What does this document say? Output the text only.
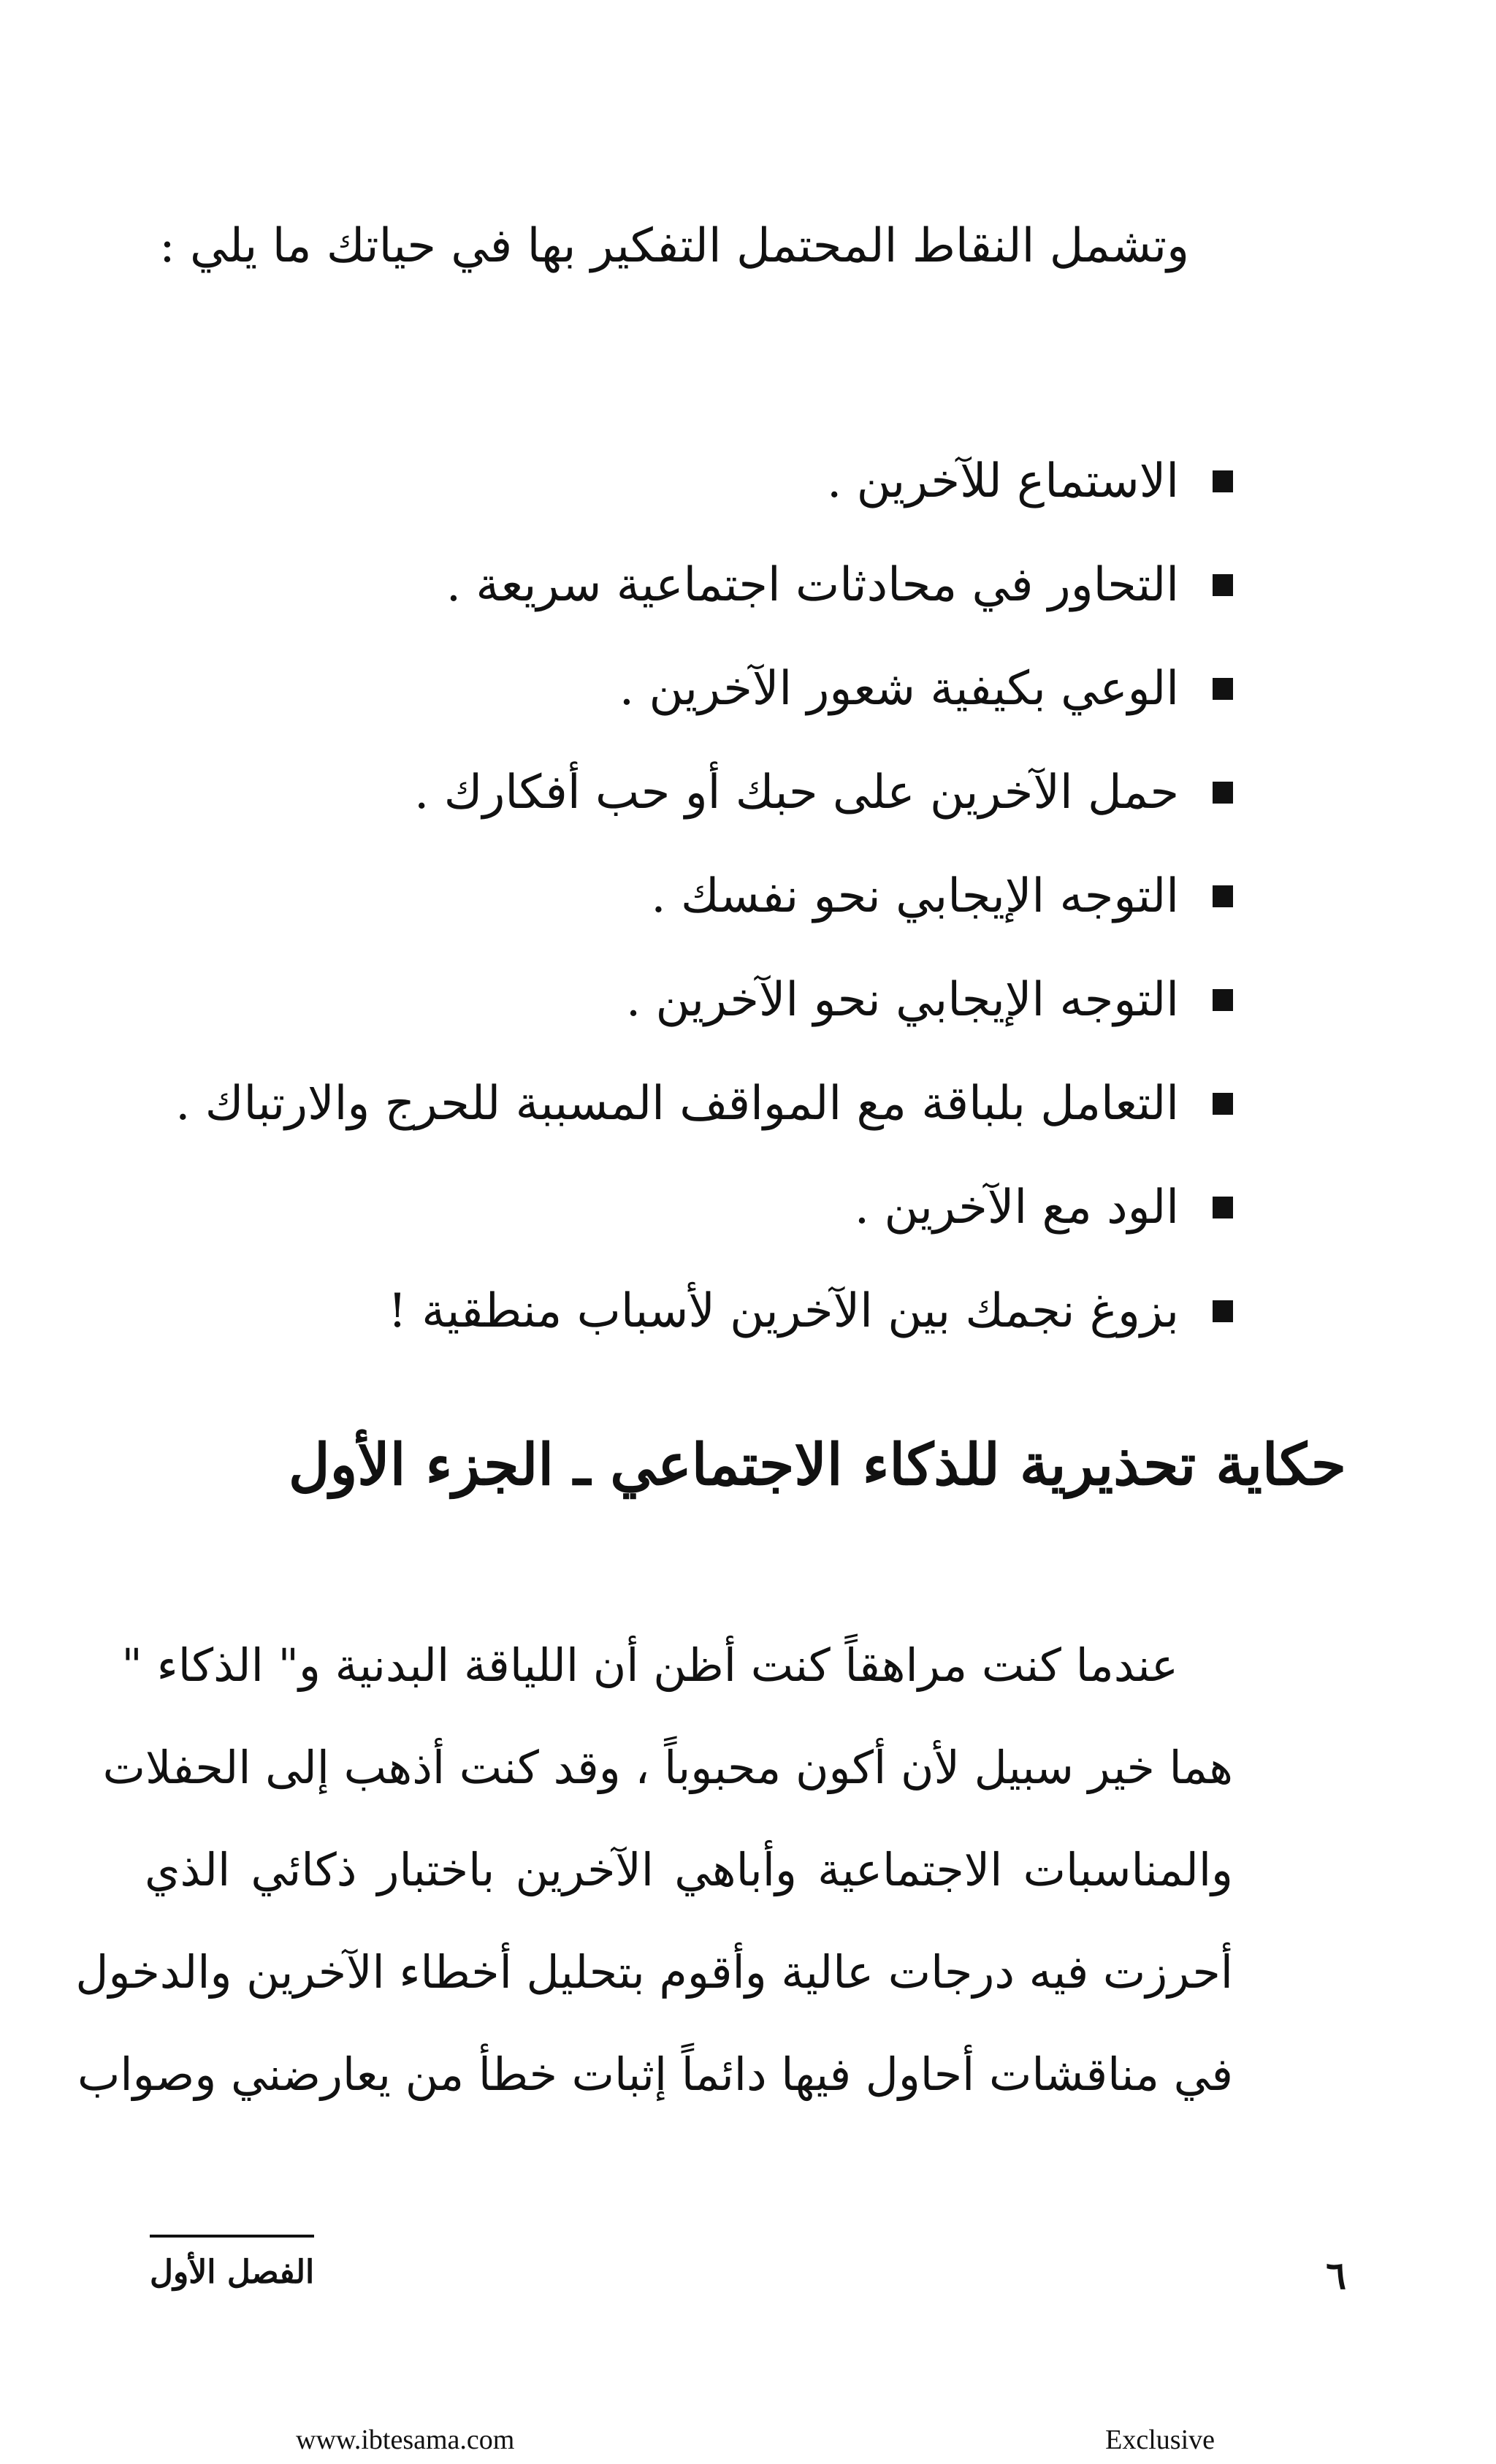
وتشمل النقاط المحتمل التفكير بها في حياتك ما يلي :
الاستماع للآخرين .
التحاور في محادثات اجتماعية سريعة .
الوعي بكيفية شعور الآخرين .
حمل الآخرين على حبك أو حب أفكارك .
التوجه الإيجابي نحو نفسك .
التوجه الإيجابي نحو الآخرين .
التعامل بلباقة مع المواقف المسببة للحرج والارتباك .
الود مع الآخرين .
بزوغ نجمك بين الآخرين لأسباب منطقية !
حكاية تحذيرية للذكاء الاجتماعي ـ الجزء الأول
عندما كنت مراهقاً كنت أظن أن اللياقة البدنية و" الذكاء "
هما خير سبيل لأن أكون محبوباً ، وقد كنت أذهب إلى الحفلات
والمناسبات الاجتماعية وأباهي الآخرين باختبار ذكائي الذي
أحرزت فيه درجات عالية وأقوم بتحليل أخطاء الآخرين والدخول
في مناقشات أحاول فيها دائماً إثبات خطأ من يعارضني وصواب
الفصل الأول	٦
www.ibtesama.com	Exclusive
